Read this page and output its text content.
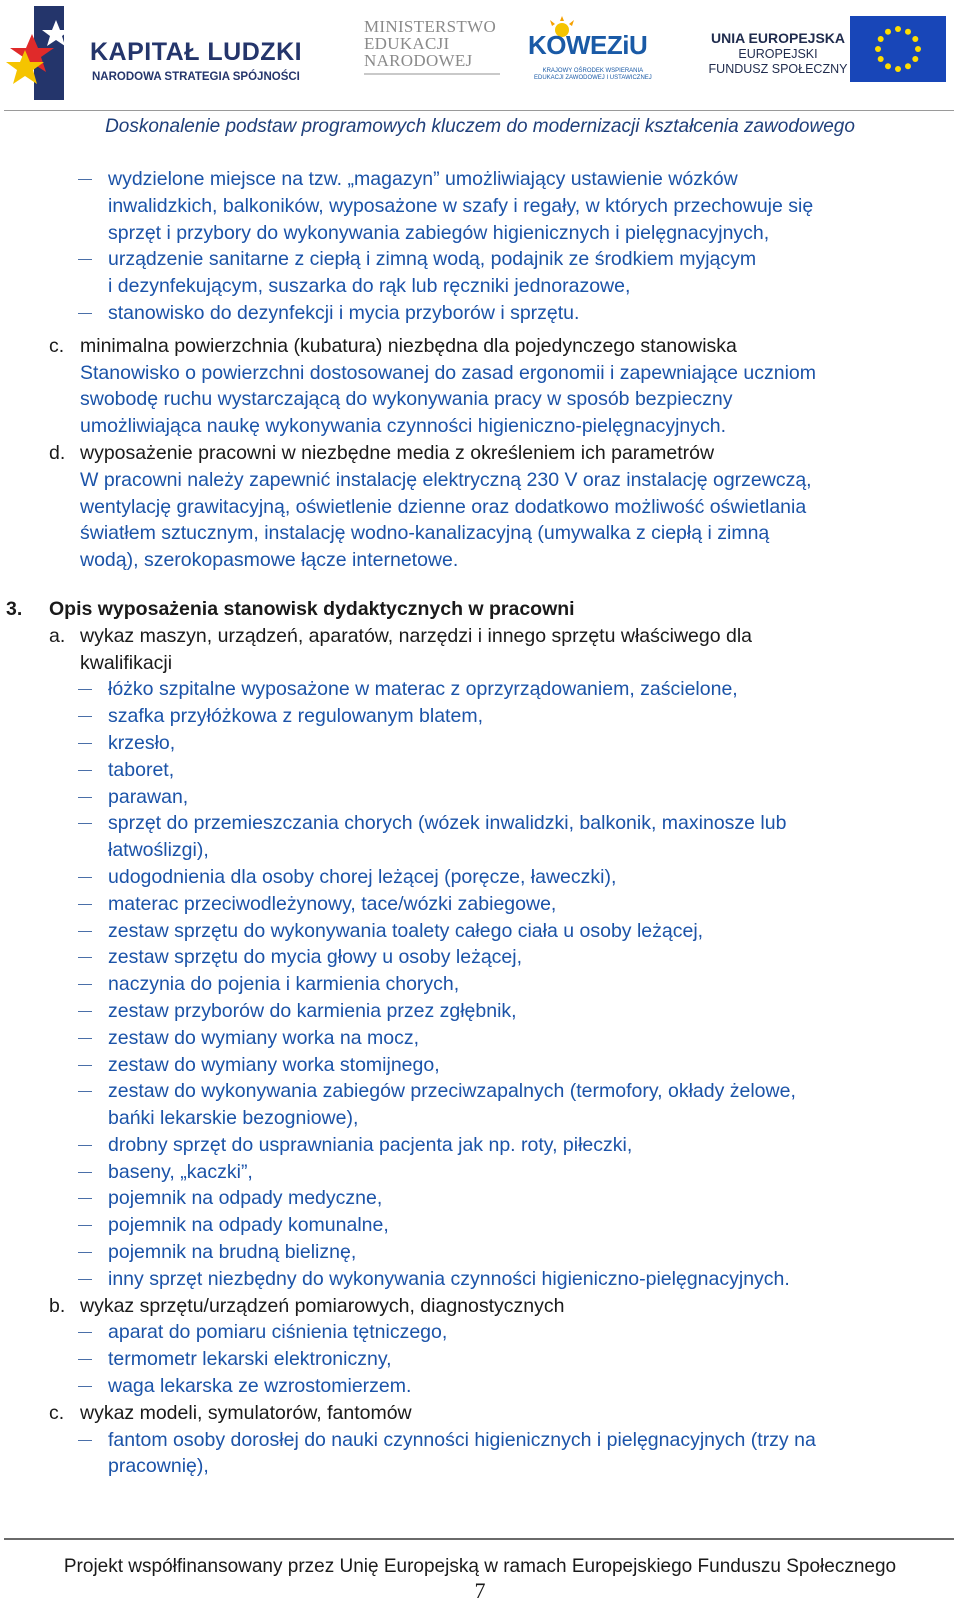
KAPITAŁ LUDZKI
NARODOWA STRATEGIA SPÓJNOŚCI
MINISTERSTWO
EDUKACJI
NARODOWEJ
KOWEZiU
KRAJOWY OŚRODEK WSPIERANIA
EDUKACJI ZAWODOWEJ I USTAWICZNEJ
UNIA EUROPEJSKA
EUROPEJSKI
FUNDUSZ SPOŁECZNY
Doskonalenie podstaw programowych kluczem do modernizacji kształcenia zawodowego
wydzielone miejsce na tzw. „magazyn” umożliwiający ustawienie wózków
inwalidzkich, balkoników, wyposażone w szafy i regały, w których przechowuje się
sprzęt i przybory do wykonywania zabiegów higienicznych i pielęgnacyjnych,
urządzenie sanitarne z ciepłą i zimną wodą, podajnik ze środkiem myjącym
i dezynfekującym, suszarka do rąk lub ręczniki jednorazowe,
stanowisko do dezynfekcji i mycia przyborów i sprzętu.
c. minimalna powierzchnia (kubatura) niezbędna dla pojedynczego stanowiska
Stanowisko o powierzchni dostosowanej do zasad ergonomii i zapewniające uczniom
swobodę ruchu wystarczającą do wykonywania pracy w sposób bezpieczny
umożliwiająca naukę wykonywania czynności higieniczno-pielęgnacyjnych.
d. wyposażenie pracowni w niezbędne media z określeniem ich parametrów
W pracowni należy zapewnić instalację elektryczną 230 V oraz instalację ogrzewczą,
wentylację grawitacyjną, oświetlenie dzienne oraz dodatkowo możliwość oświetlania
światłem sztucznym, instalację wodno-kanalizacyjną (umywalka z ciepłą i zimną
wodą), szerokopasmowe łącze internetowe.
3. Opis wyposażenia stanowisk dydaktycznych w pracowni
a. wykaz maszyn, urządzeń, aparatów, narzędzi i innego sprzętu właściwego dla
kwalifikacji
łóżko szpitalne wyposażone w materac z oprzyrządowaniem, zaścielone,
szafka przyłóżkowa z regulowanym blatem,
krzesło,
taboret,
parawan,
sprzęt do przemieszczania chorych (wózek inwalidzki, balkonik, maxinosze lub
łatwoślizgi),
udogodnienia dla osoby chorej leżącej (poręcze, ławeczki),
materac przeciwodleżynowy, tace/wózki zabiegowe,
zestaw sprzętu do wykonywania toalety całego ciała u osoby leżącej,
zestaw sprzętu do mycia głowy u osoby leżącej,
naczynia do pojenia i karmienia chorych,
zestaw przyborów do karmienia przez zgłębnik,
zestaw do wymiany worka na mocz,
zestaw do wymiany worka stomijnego,
zestaw do wykonywania zabiegów przeciwzapalnych (termofory, okłady żelowe,
bańki lekarskie bezogniowe),
drobny sprzęt do usprawniania pacjenta jak np. roty, piłeczki,
baseny, „kaczki”,
pojemnik na odpady medyczne,
pojemnik na odpady komunalne,
pojemnik na brudną bieliznę,
inny sprzęt niezbędny do wykonywania czynności higieniczno-pielęgnacyjnych.
b. wykaz sprzętu/urządzeń pomiarowych, diagnostycznych
aparat do pomiaru ciśnienia tętniczego,
termometr lekarski elektroniczny,
waga lekarska ze wzrostomierzem.
c. wykaz modeli, symulatorów, fantomów
fantom osoby dorosłej do nauki czynności higienicznych i pielęgnacyjnych (trzy na
pracownię),
Projekt współfinansowany przez Unię Europejską w ramach Europejskiego Funduszu Społecznego
7
